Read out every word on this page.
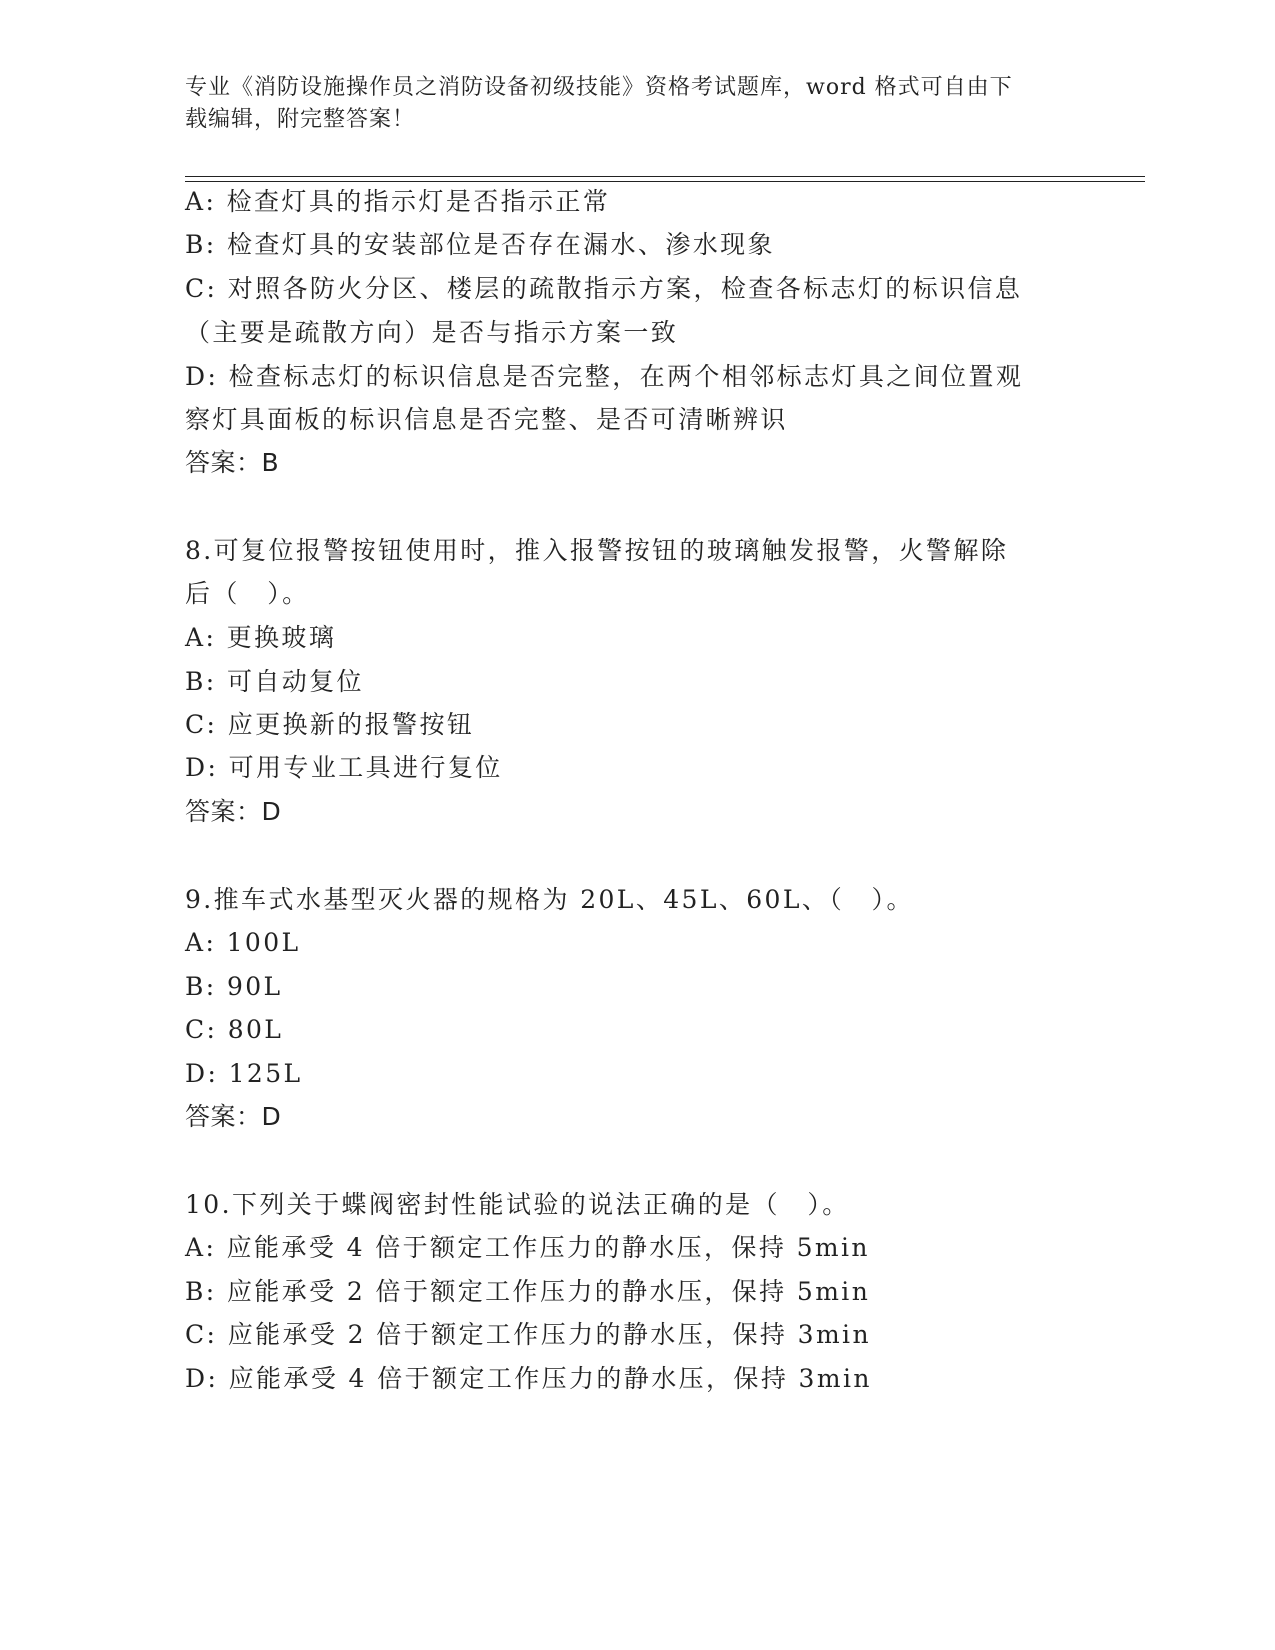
专业《消防设施操作员之消防设备初级技能》资格考试题库，word 格式可自由下
载编辑，附完整答案！
A: 检查灯具的指示灯是否指示正常
B: 检查灯具的安装部位是否存在漏水、渗水现象
C: 对照各防火分区、楼层的疏散指示方案，检查各标志灯的标识信息
（主要是疏散方向）是否与指示方案一致
D: 检查标志灯的标识信息是否完整，在两个相邻标志灯具之间位置观
察灯具面板的标识信息是否完整、是否可清晰辨识
答案：B
8.可复位报警按钮使用时，推入报警按钮的玻璃触发报警，火警解除
后（　）。
A: 更换玻璃
B: 可自动复位
C: 应更换新的报警按钮
D: 可用专业工具进行复位
答案：D
9.推车式水基型灭火器的规格为 20L、45L、60L、（　）。
A: 100L
B: 90L
C: 80L
D: 125L
答案：D
10.下列关于蝶阀密封性能试验的说法正确的是（　）。
A: 应能承受 4 倍于额定工作压力的静水压，保持 5min
B: 应能承受 2 倍于额定工作压力的静水压，保持 5min
C: 应能承受 2 倍于额定工作压力的静水压，保持 3min
D: 应能承受 4 倍于额定工作压力的静水压，保持 3min
